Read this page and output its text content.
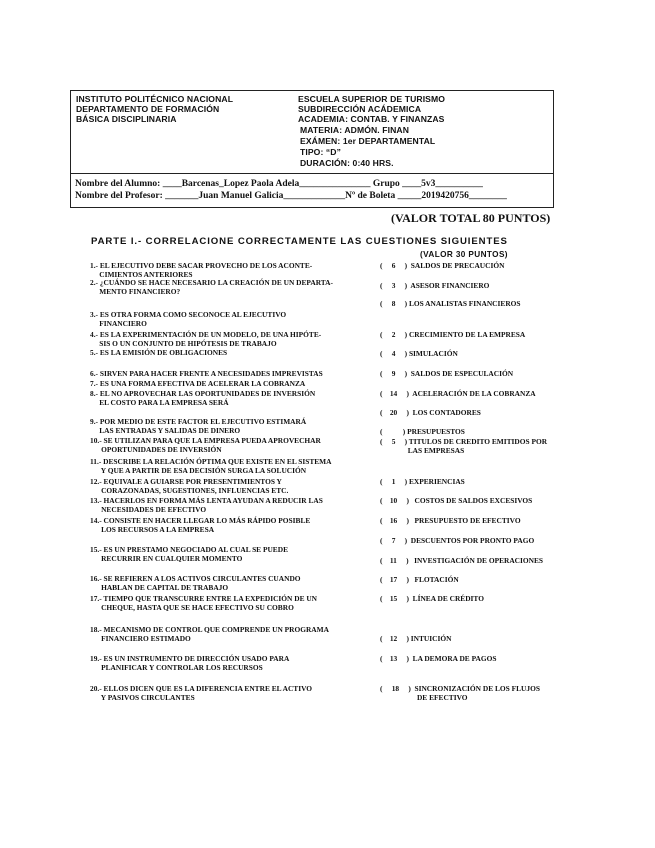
INSTITUTO POLITÉCNICO NACIONAL
DEPARTAMENTO DE FORMACIÓN
BÁSICA DISCIPLINARIA
ESCUELA SUPERIOR DE TURISMO
SUBDIRECCIÓN ACÁDEMICA
ACADEMIA: CONTAB. Y FINANZAS
MATERIA: ADMÓN. FINAN
EXÁMEN: 1er DEPARTAMENTAL
TIPO: “D”
DURACIÓN: 0:40 HRS.
Nombre del Alumno: ____Barcenas_Lopez Paola Adela_______________ Grupo ____5v3__________
Nombre del Profesor: _______Juan Manuel Galicia_____________Nº de Boleta _____2019420756________
(VALOR TOTAL 80 PUNTOS)
PARTE I.- CORRELACIONE CORRECTAMENTE LAS CUESTIONES SIGUIENTES
(VALOR 30 PUNTOS)
1.- EL EJECUTIVO DEBE SACAR PROVECHO DE LOS ACONTE-
CIMIENTOS ANTERIORES
2.- ¿CUÁNDO SE HACE NECESARIO LA CREACIÓN DE UN DEPARTA-
MENTO FINANCIERO?
3.- ES OTRA FORMA COMO SECONOCE AL EJECUTIVO
FINANCIERO
4.- ES LA EXPERIMENTACIÓN DE UN MODELO, DE UNA HIPÓTE-
SIS O UN CONJUNTO DE HIPÓTESIS DE TRABAJO
5.- ES LA EMISIÓN DE OBLIGACIONES
6.- SIRVEN PARA HACER FRENTE A NECESIDADES IMPREVISTAS
7.- ES UNA FORMA EFECTIVA DE ACELERAR LA COBRANZA
8.- EL NO APROVECHAR LAS OPORTUNIDADES DE INVERSIÓN
EL COSTO PARA LA EMPRESA SERÁ
9.- POR MEDIO DE ESTE FACTOR EL EJECUTIVO ESTIMARÁ
LAS ENTRADAS Y SALIDAS DE DINERO
10.- SE UTILIZAN PARA QUE LA EMPRESA PUEDA APROVECHAR
OPORTUNIDADES DE INVERSIÓN
11.- DESCRIBE LA RELACIÓN ÓPTIMA QUE EXISTE EN EL SISTEMA
Y QUE A PARTIR DE ESA DECISIÓN SURGA LA SOLUCIÓN
12.- EQUIVALE A GUIARSE POR PRESENTIMIENTOS Y
CORAZONADAS, SUGESTIONES, INFLUENCIAS ETC.
13.- HACERLOS EN FORMA MÁS LENTA AYUDAN A REDUCIR LAS
NECESIDADES DE EFECTIVO
14.- CONSISTE EN HACER LLEGAR LO MÁS RÁPIDO POSIBLE
LOS RECURSOS A LA EMPRESA
15.- ES UN PRESTAMO NEGOCIADO AL CUAL SE PUEDE
RECURRIR EN CUALQUIER MOMENTO
16.- SE REFIEREN A LOS ACTIVOS CIRCULANTES CUANDO
HABLAN DE CAPITAL DE TRABAJO
17.- TIEMPO QUE TRANSCURRE ENTRE LA EXPEDICIÓN DE UN
CHEQUE, HASTA QUE SE HACE EFECTIVO SU COBRO
18.- MECANISMO DE CONTROL QUE COMPRENDE UN PROGRAMA
FINANCIERO ESTIMADO
19.- ES UN INSTRUMENTO DE DIRECCIÓN USADO PARA
PLANIFICAR Y CONTROLAR LOS RECURSOS
20.- ELLOS DICEN QUE ES LA DIFERENCIA ENTRE EL ACTIVO
Y PASIVOS CIRCULANTES
(     6     )  SALDOS DE PRECAUCIÓN
(     3     )  ASESOR FINANCIERO
(     8     ) LOS ANALISTAS FINANCIEROS
(     2     ) CRECIMIENTO DE LA EMPRESA
(     4     ) SIMULACIÓN
(     9     )  SALDOS DE ESPECULACIÓN
(    14     )  ACELERACIÓN DE LA COBRANZA
(    20     )  LOS CONTADORES
(           ) PRESUPUESTOS
(     5     ) TITULOS DE CREDITO EMITIDOS POR
LAS EMPRESAS
(     1     ) EXPERIENCIAS
(    10     )   COSTOS DE SALDOS EXCESIVOS
(    16     )   PRESUPUESTO DE EFECTIVO
(     7     )  DESCUENTOS POR PRONTO PAGO
(    11     )   INVESTIGACIÓN DE OPERACIONES
(    17     )   FLOTACIÓN
(    15     )  LÍNEA DE CRÉDITO
(    12     ) INTUICIÓN
(    13     )  LA DEMORA DE PAGOS
(     18     )  SINCRONIZACIÓN DE LOS FLUJOS
DE EFECTIVO
